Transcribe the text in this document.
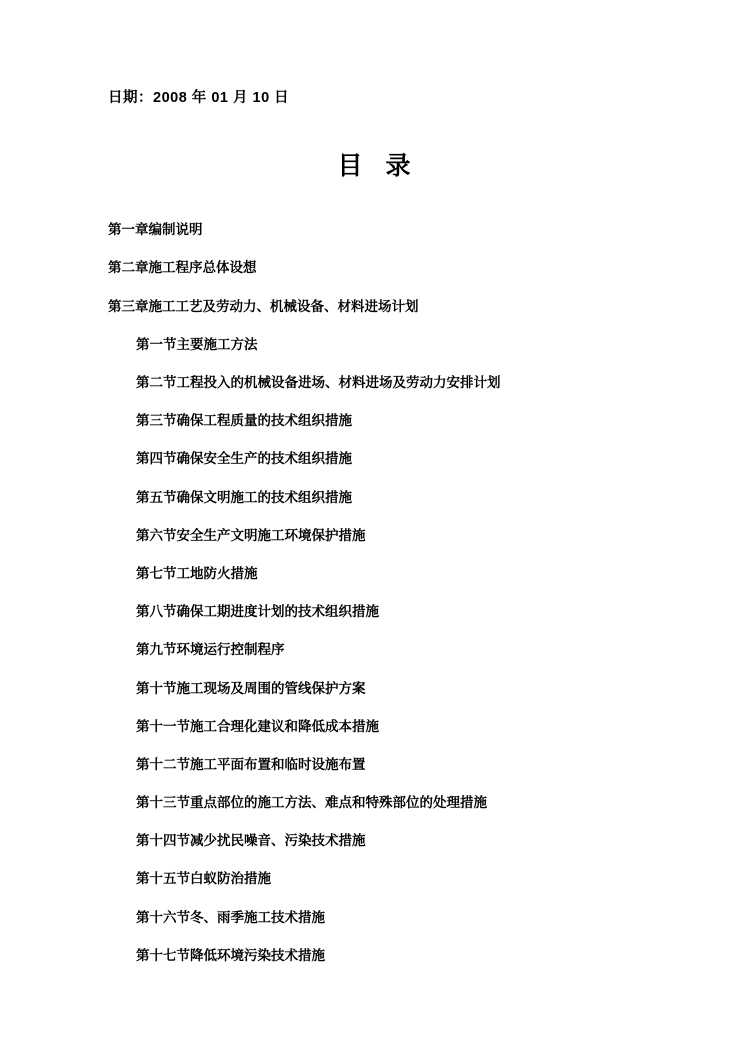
日期：2008 年 01 月 10 日
目 录
第一章编制说明
第二章施工程序总体设想
第三章施工工艺及劳动力、机械设备、材料进场计划
第一节主要施工方法
第二节工程投入的机械设备进场、材料进场及劳动力安排计划
第三节确保工程质量的技术组织措施
第四节确保安全生产的技术组织措施
第五节确保文明施工的技术组织措施
第六节安全生产文明施工环境保护措施
第七节工地防火措施
第八节确保工期进度计划的技术组织措施
第九节环境运行控制程序
第十节施工现场及周围的管线保护方案
第十一节施工合理化建议和降低成本措施
第十二节施工平面布置和临时设施布置
第十三节重点部位的施工方法、难点和特殊部位的处理措施
第十四节减少扰民噪音、污染技术措施
第十五节白蚁防治措施
第十六节冬、雨季施工技术措施
第十七节降低环境污染技术措施
